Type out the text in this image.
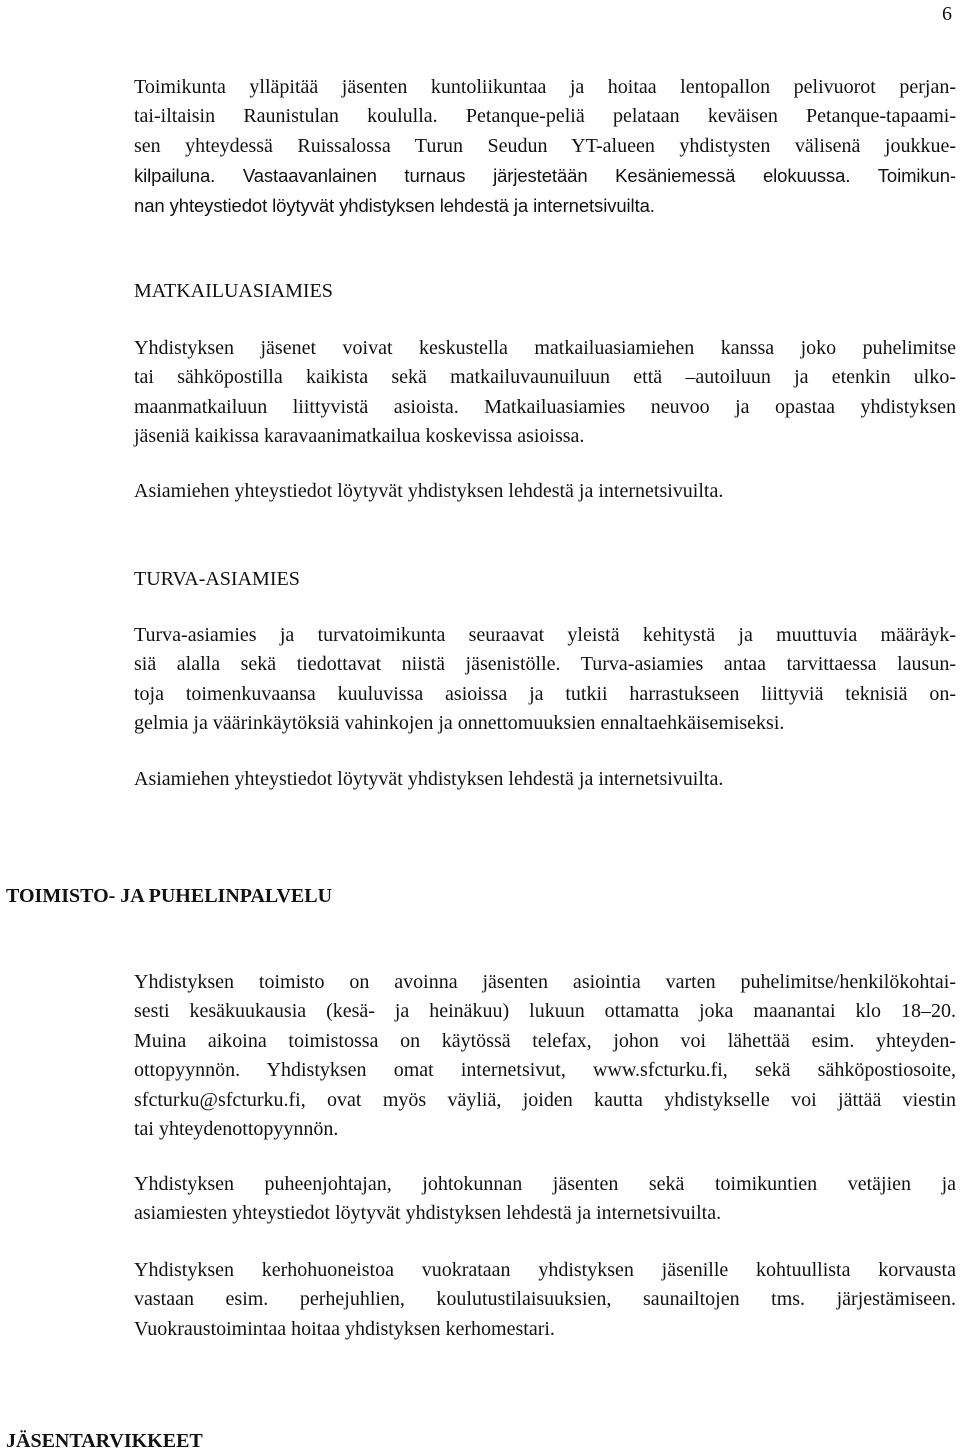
6
Toimikunta ylläpitää jäsenten kuntoliikuntaa ja hoitaa lentopallon pelivuorot perjan-
tai-iltaisin Raunistulan koululla. Petanque-peliä pelataan keväisen Petanque-tapaami-
sen yhteydessä Ruissalossa Turun Seudun YT-alueen yhdistysten välisenä joukkue-
kilpailuna. Vastaavanlainen turnaus järjestetään Kesäniemessä elokuussa. Toimikun-
nan yhteystiedot löytyvät yhdistyksen lehdestä ja internetsivuilta.
MATKAILUASIAMIES
Yhdistyksen jäsenet voivat keskustella matkailuasiamiehen kanssa joko puhelimitse
tai sähköpostilla kaikista sekä matkailuvaunuiluun että –autoiluun ja etenkin ulko-
maanmatkailuun liittyvistä asioista. Matkailuasiamies neuvoo ja opastaa yhdistyksen
jäseniä kaikissa karavaanimatkailua koskevissa asioissa.
Asiamiehen yhteystiedot löytyvät yhdistyksen lehdestä ja internetsivuilta.
TURVA-ASIAMIES
Turva-asiamies ja turvatoimikunta seuraavat yleistä kehitystä ja muuttuvia määräyk-
siä alalla sekä tiedottavat niistä jäsenistölle. Turva-asiamies antaa tarvittaessa lausun-
toja toimenkuvaansa kuuluvissa asioissa ja tutkii harrastukseen liittyviä teknisiä on-
gelmia ja väärinkäytöksiä vahinkojen ja onnettomuuksien ennaltaehkäisemiseksi.
Asiamiehen yhteystiedot löytyvät yhdistyksen lehdestä ja internetsivuilta.
TOIMISTO- JA PUHELINPALVELU
Yhdistyksen toimisto on avoinna jäsenten asiointia varten puhelimitse/henkilökohtai-
sesti kesäkuukausia (kesä- ja heinäkuu) lukuun ottamatta joka maanantai klo 18–20.
Muina aikoina toimistossa on käytössä telefax, johon voi lähettää esim. yhteyden-
ottopyynnön. Yhdistyksen omat internetsivut, www.sfcturku.fi, sekä sähköpostiosoite,
sfcturku@sfcturku.fi, ovat myös väyliä, joiden kautta yhdistykselle voi jättää viestin
tai yhteydenottopyynnön.
Yhdistyksen puheenjohtajan, johtokunnan jäsenten sekä toimikuntien vetäjien ja
asiamiesten yhteystiedot löytyvät yhdistyksen lehdestä ja internetsivuilta.
Yhdistyksen kerhohuoneistoa vuokrataan yhdistyksen jäsenille kohtuullista korvausta
vastaan esim. perhejuhlien, koulutustilaisuuksien, saunailtojen tms. järjestämiseen.
Vuokraustoimintaa hoitaa yhdistyksen kerhomestari.
JÄSENTARVIKKEET
